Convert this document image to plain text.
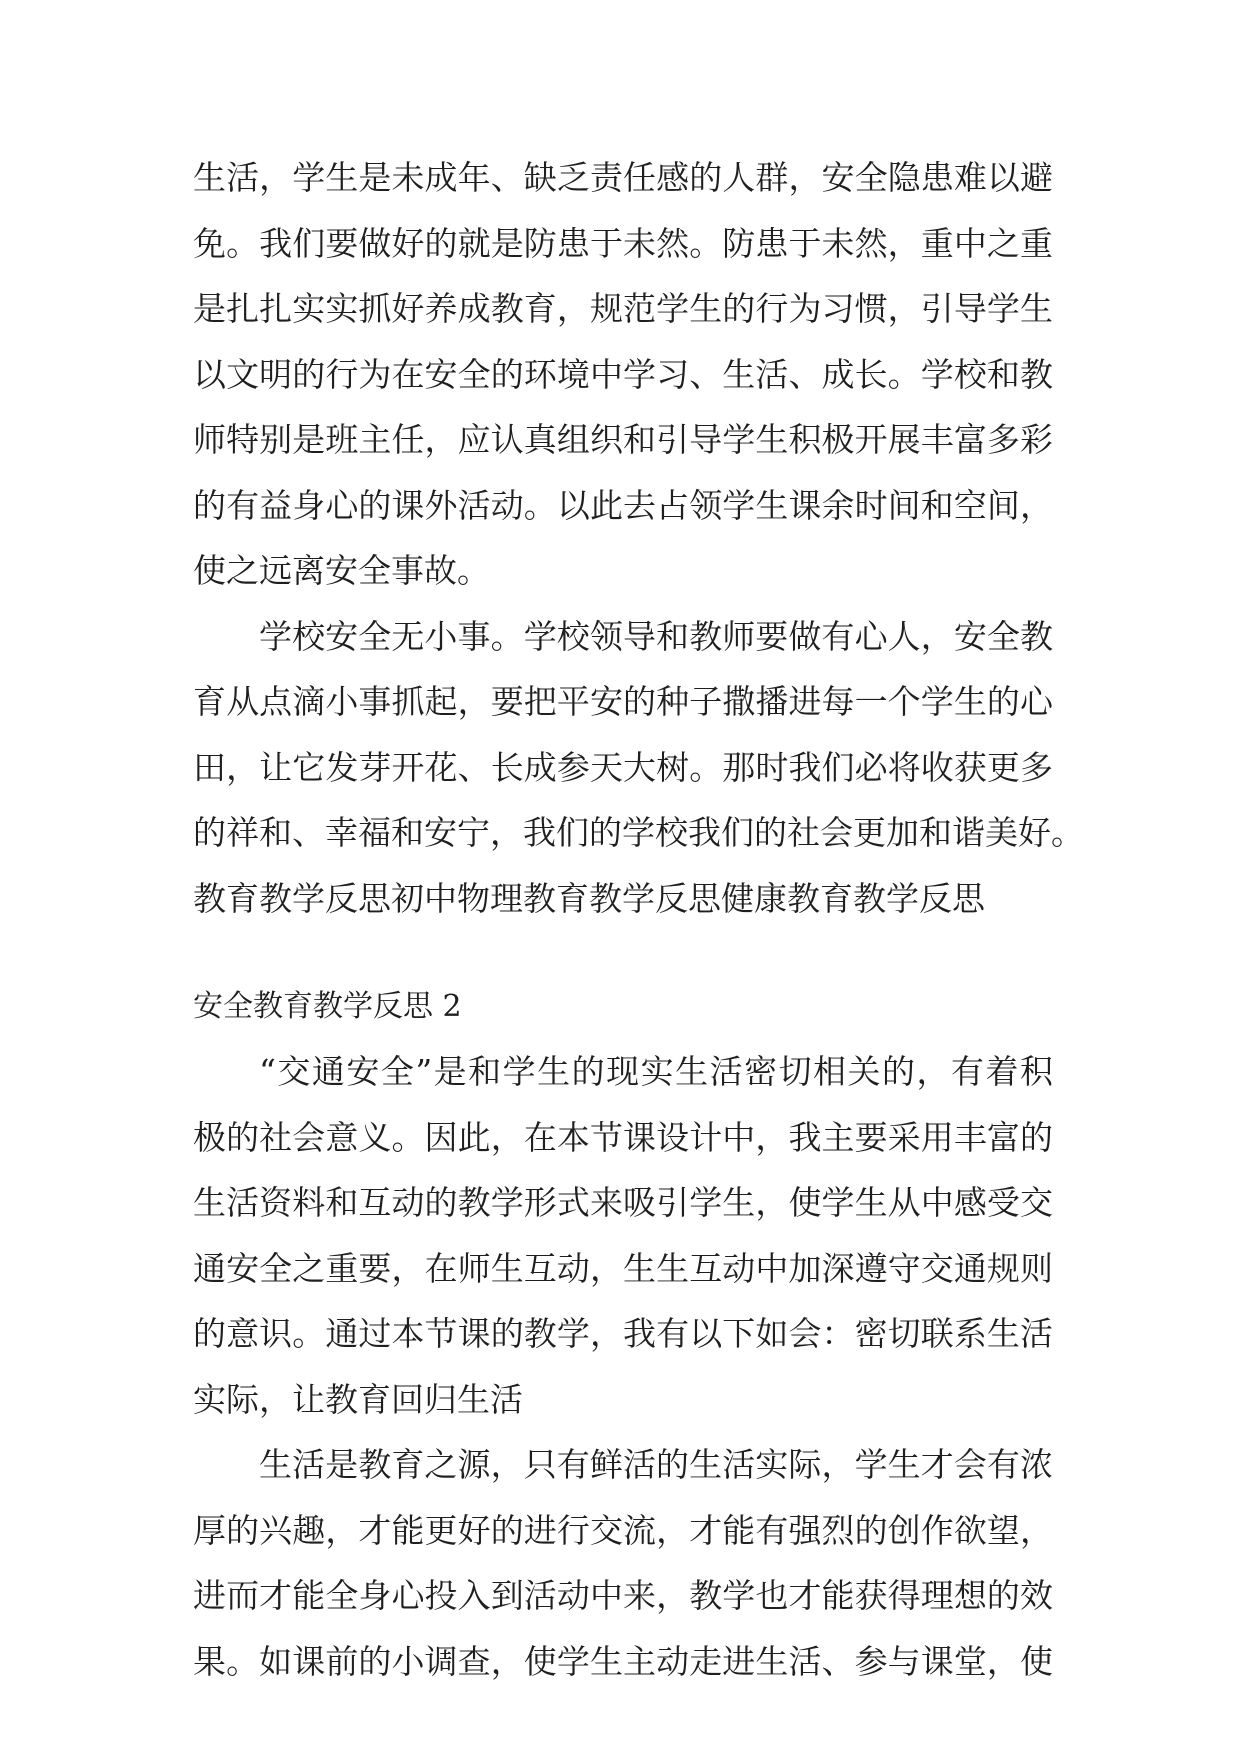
生活，学生是未成年、缺乏责任感的人群，安全隐患难以避

免。我们要做好的就是防患于未然。防患于未然，重中之重

是扎扎实实抓好养成教育，规范学生的行为习惯，引导学生

以文明的行为在安全的环境中学习、生活、成长。学校和教

师特别是班主任，应认真组织和引导学生积极开展丰富多彩

的有益身心的课外活动。以此去占领学生课余时间和空间，

使之远离安全事故。

学校安全无小事。学校领导和教师要做有心人，安全教

育从点滴小事抓起，要把平安的种子撒播进每一个学生的心

田，让它发芽开花、长成参天大树。那时我们必将收获更多

的祥和、幸福和安宁，我们的学校我们的社会更加和谐美好。

教育教学反思初中物理教育教学反思健康教育教学反思

安全教育教学反思 2

“交通安全”是和学生的现实生活密切相关的，有着积

极的社会意义。因此，在本节课设计中，我主要采用丰富的

生活资料和互动的教学形式来吸引学生，使学生从中感受交

通安全之重要，在师生互动，生生互动中加深遵守交通规则

的意识。通过本节课的教学，我有以下如会：密切联系生活

实际，让教育回归生活

生活是教育之源，只有鲜活的生活实际，学生才会有浓

厚的兴趣，才能更好的进行交流，才能有强烈的创作欲望，

进而才能全身心投入到活动中来，教学也才能获得理想的效

果。如课前的小调查，使学生主动走进生活、参与课堂，使
